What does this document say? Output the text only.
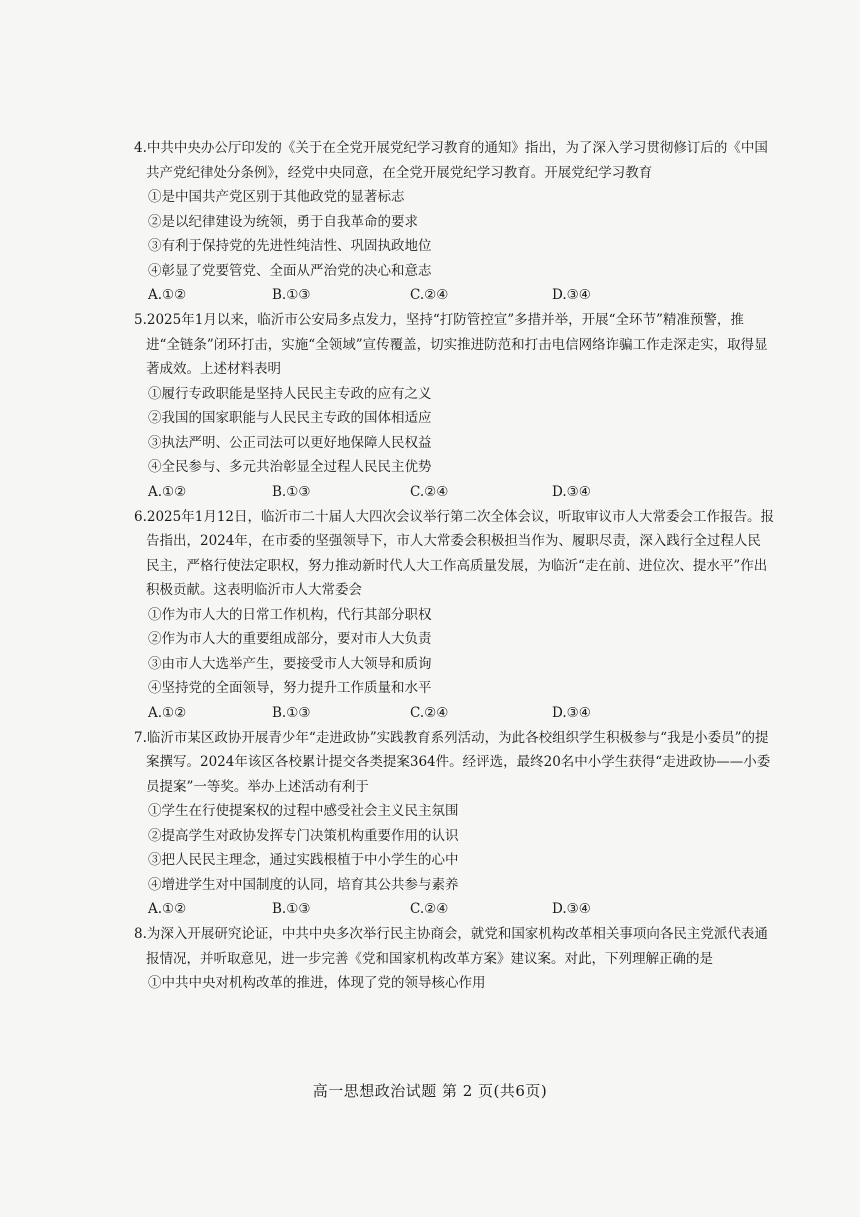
4.中共中央办公厅印发的《关于在全党开展党纪学习教育的通知》指出，为了深入学习贯彻修订后的《中国共产党纪律处分条例》，经党中央同意，在全党开展党纪学习教育。开展党纪学习教育

①是中国共产党区别于其他政党的显著标志

②是以纪律建设为统领，勇于自我革命的要求

③有利于保持党的先进性纯洁性、巩固执政地位

④彰显了党要管党、全面从严治党的决心和意志

A.①②	B.①③	C.②④	D.③④

5.2025年1月以来，临沂市公安局多点发力，坚持“打防管控宣”多措并举，开展“全环节”精准预警，推进“全链条”闭环打击，实施“全领域”宣传覆盖，切实推进防范和打击电信网络诈骗工作走深走实，取得显著成效。上述材料表明

①履行专政职能是坚持人民民主专政的应有之义

②我国的国家职能与人民民主专政的国体相适应

③执法严明、公正司法可以更好地保障人民权益

④全民参与、多元共治彰显全过程人民民主优势

A.①②	B.①③	C.②④	D.③④

6.2025年1月12日，临沂市二十届人大四次会议举行第二次全体会议，听取审议市人大常委会工作报告。报告指出，2024年，在市委的坚强领导下，市人大常委会积极担当作为、履职尽责，深入践行全过程人民民主，严格行使法定职权，努力推动新时代人大工作高质量发展，为临沂“走在前、进位次、提水平”作出积极贡献。这表明临沂市人大常委会

①作为市人大的日常工作机构，代行其部分职权

②作为市人大的重要组成部分，要对市人大负责

③由市人大选举产生，要接受市人大领导和质询

④坚持党的全面领导，努力提升工作质量和水平

A.①②	B.①③	C.②④	D.③④

7.临沂市某区政协开展青少年“走进政协”实践教育系列活动，为此各校组织学生积极参与“我是小委员”的提案撰写。2024年该区各校累计提交各类提案364件。经评选，最终20名中小学生获得“走进政协——小委员提案”一等奖。举办上述活动有利于

①学生在行使提案权的过程中感受社会主义民主氛围

②提高学生对政协发挥专门决策机构重要作用的认识

③把人民民主理念，通过实践根植于中小学生的心中

④增进学生对中国制度的认同，培育其公共参与素养

A.①②	B.①③	C.②④	D.③④

8.为深入开展研究论证，中共中央多次举行民主协商会，就党和国家机构改革相关事项向各民主党派代表通报情况，并听取意见，进一步完善《党和国家机构改革方案》建议案。对此，下列理解正确的是

①中共中央对机构改革的推进，体现了党的领导核心作用

高一思想政治试题 第 2 页(共6页)
